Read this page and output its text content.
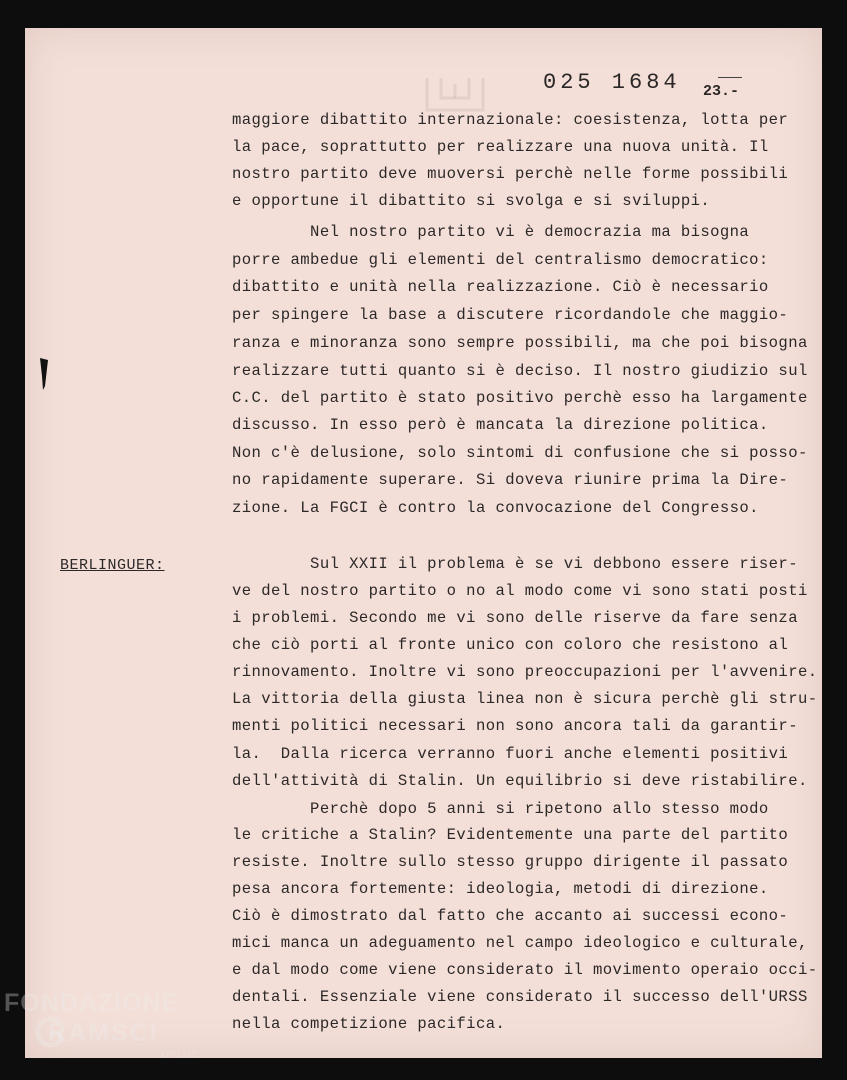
025 1684 23.-
BERLINGUER:
maggiore dibattito internazionale: coesistenza, lotta per
la pace, soprattutto per realizzare una nuova unità. Il
nostro partito deve muoversi perchè nelle forme possibili
e opportune il dibattito si svolga e si sviluppi.
Nel nostro partito vi è democrazia ma bisogna
porre ambedue gli elementi del centralismo democratico:
dibattito e unità nella realizzazione. Ciò è necessario
per spingere la base a discutere ricordandole che maggio-
ranza e minoranza sono sempre possibili, ma che poi bisogna
realizzare tutti quanto si è deciso. Il nostro giudizio sul
C.C. del partito è stato positivo perchè esso ha largamente
discusso. In esso però è mancata la direzione politica.
Non c'è delusione, solo sintomi di confusione che si posso-
no rapidamente superare. Si doveva riunire prima la Dire-
zione. La FGCI è contro la convocazione del Congresso.
Sul XXII il problema è se vi debbono essere riser-
ve del nostro partito o no al modo come vi sono stati posti
i problemi. Secondo me vi sono delle riserve da fare senza
che ciò porti al fronte unico con coloro che resistono al
rinnovamento. Inoltre vi sono preoccupazioni per l'avvenire.
La vittoria della giusta linea non è sicura perchè gli stru-
menti politici necessari non sono ancora tali da garantir-
la.  Dalla ricerca verranno fuori anche elementi positivi
dell'attività di Stalin. Un equilibrio si deve ristabilire.
Perchè dopo 5 anni si ripetono allo stesso modo
le critiche a Stalin? Evidentemente una parte del partito
resiste. Inoltre sullo stesso gruppo dirigente il passato
pesa ancora fortemente: ideologia, metodi di direzione.
Ciò è dimostrato dal fatto che accanto ai successi econo-
mici manca un adeguamento nel campo ideologico e culturale,
e dal modo come viene considerato il movimento operaio occi-
dentali. Essenziale viene considerato il successo dell'URSS
nella competizione pacifica.
FONDAZIONE
RAMSCI
ONLUS
